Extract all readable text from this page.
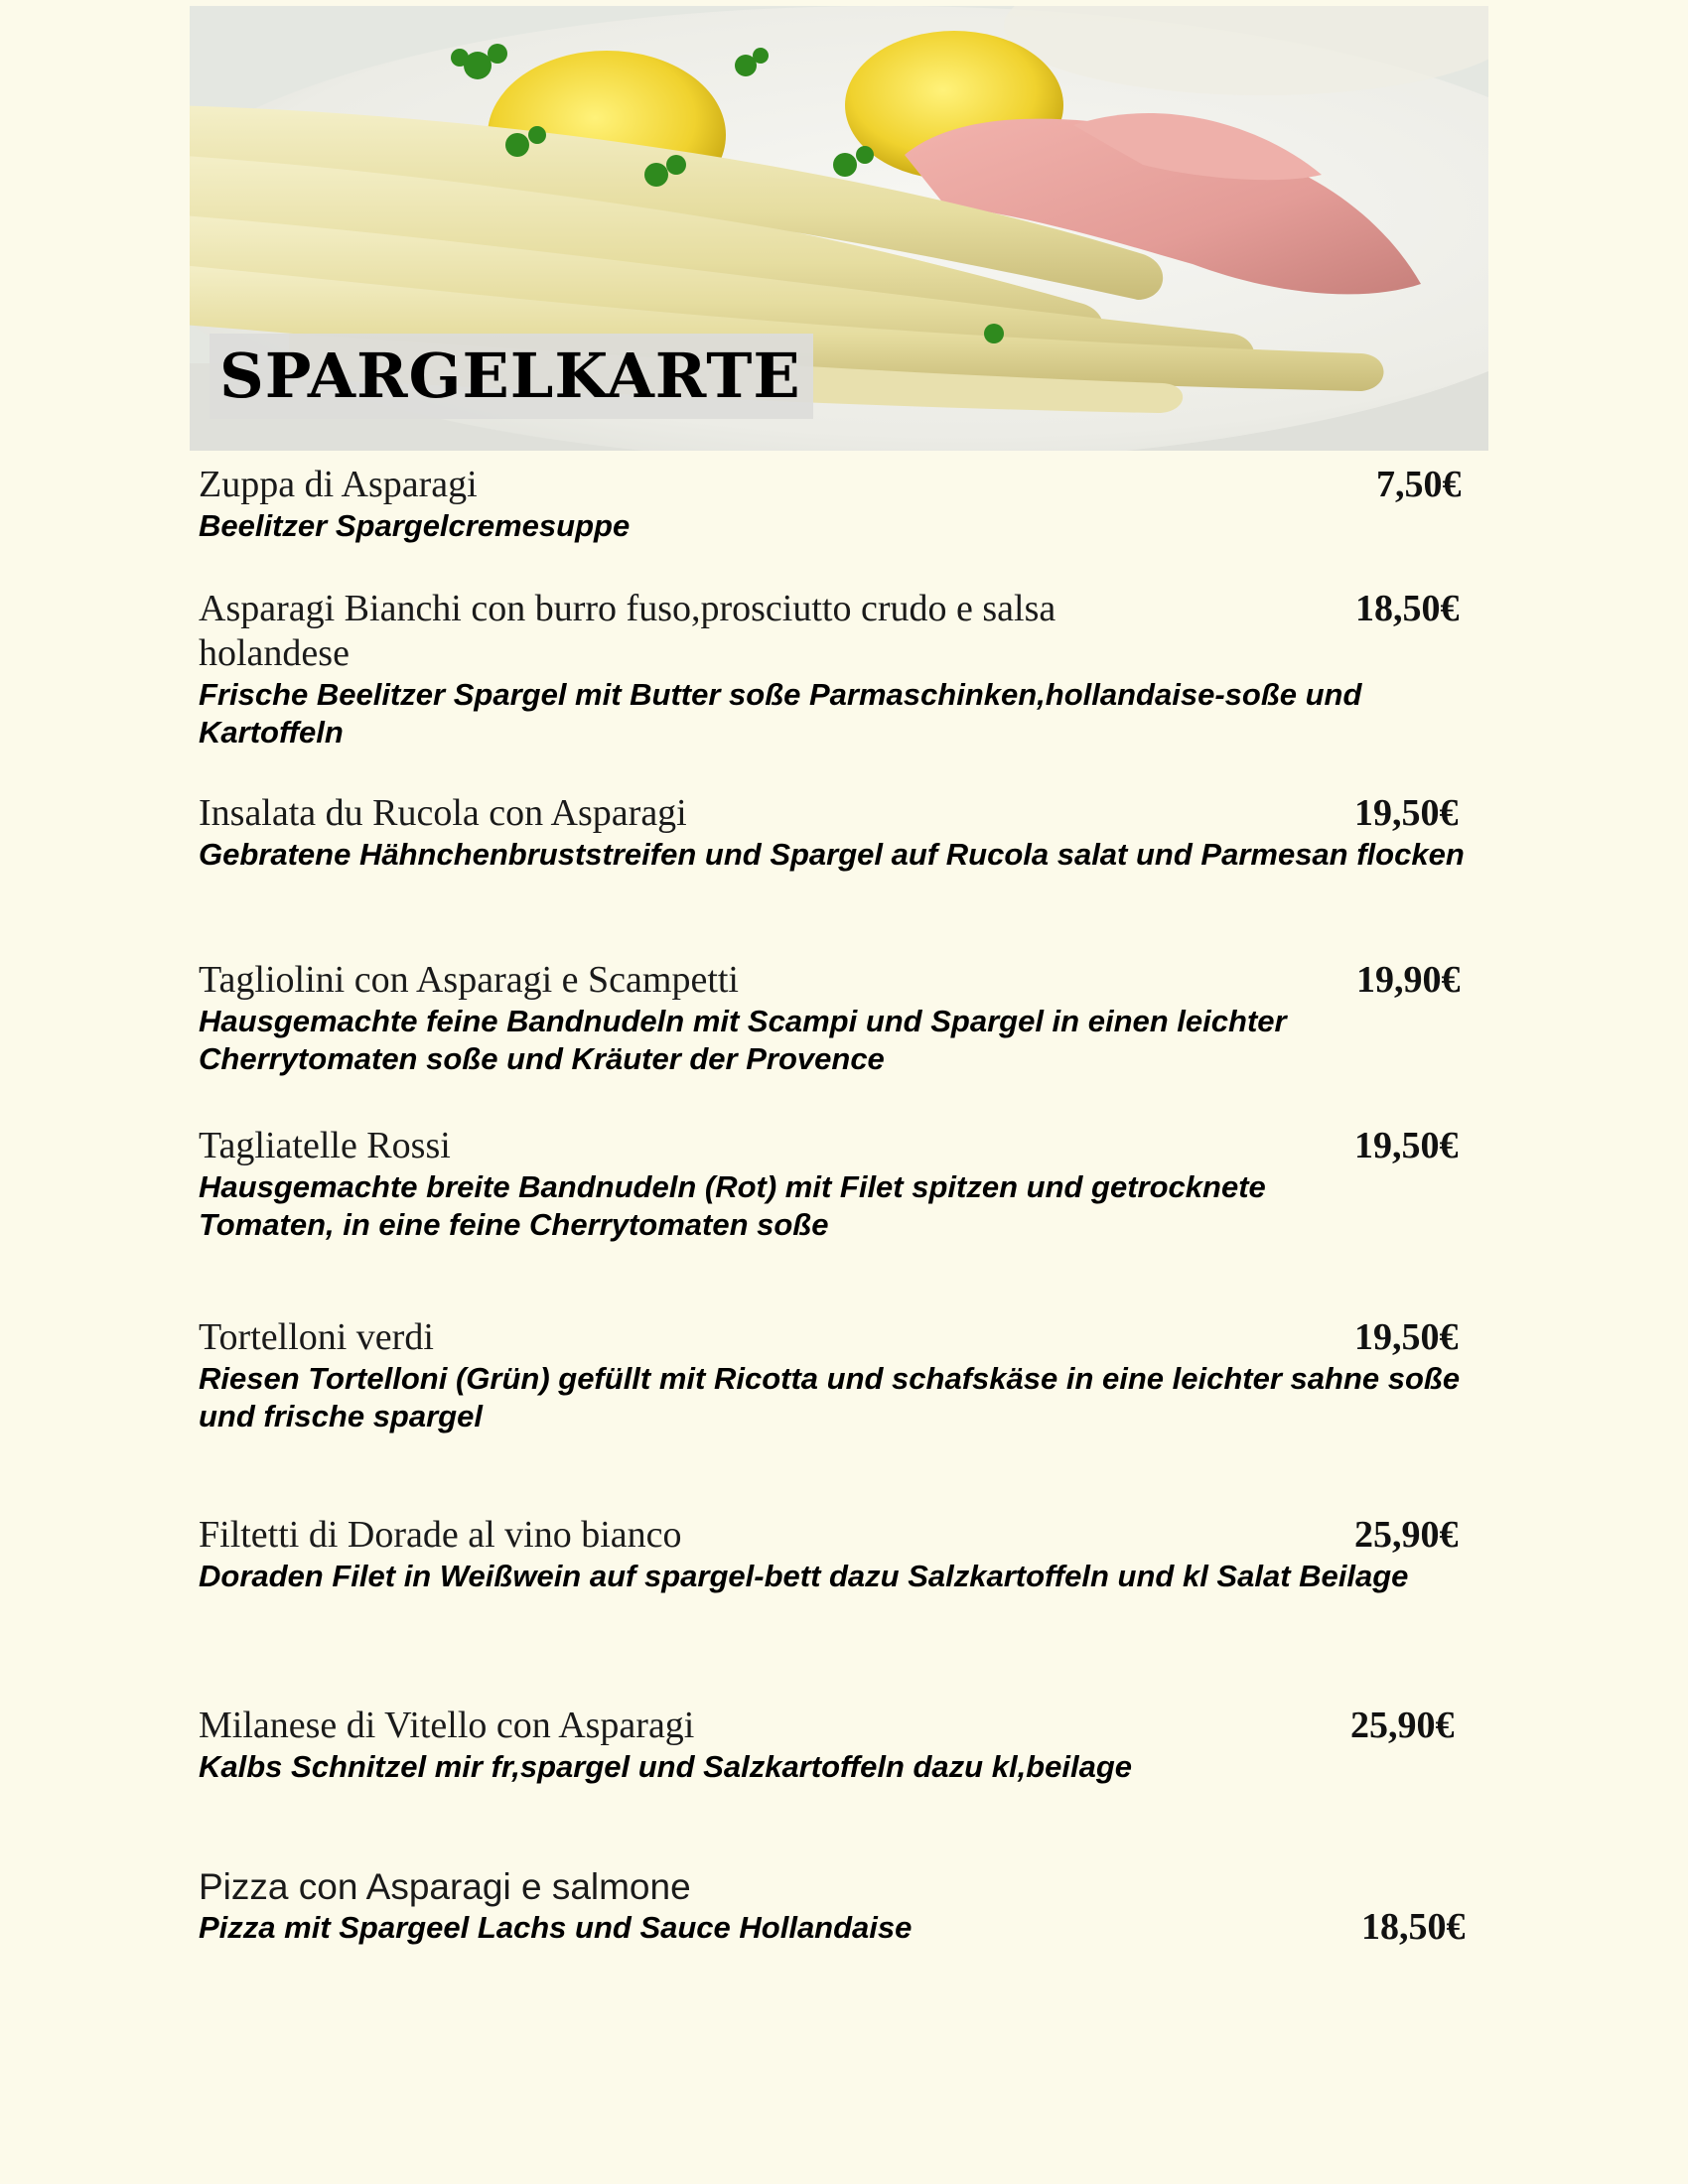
SPARGELKARTE
Zuppa di Asparagi	7,50€
Beelitzer Spargelcremesuppe
Asparagi Bianchi con burro fuso,prosciutto crudo e salsa holandese
18,50€
Frische Beelitzer Spargel mit Butter soße Parmaschinken,hollandaise-soße und Kartoffeln
Insalata du Rucola con Asparagi	19,50€
Gebratene Hähnchenbruststreifen und Spargel auf Rucola salat und Parmesan flocken
Tagliolini con Asparagi e Scampetti	19,90€
Hausgemachte feine Bandnudeln mit Scampi und Spargel in einen leichter Cherrytomaten soße und Kräuter der Provence
Tagliatelle Rossi	19,50€
Hausgemachte breite Bandnudeln (Rot) mit Filet spitzen und getrocknete Tomaten, in eine feine Cherrytomaten soße
Tortelloni verdi	19,50€
Riesen Tortelloni (Grün) gefüllt mit Ricotta und schafskäse in eine leichter sahne soße und frische spargel
Filtetti di Dorade al vino bianco	25,90€
Doraden Filet in Weißwein auf spargel-bett dazu Salzkartoffeln und kl Salat Beilage
Milanese di Vitello con Asparagi	25,90€
Kalbs Schnitzel mir fr,spargel und Salzkartoffeln dazu kl,beilage
Pizza con Asparagi e salmone
Pizza mit Spargeel Lachs und Sauce Hollandaise	18,50€
